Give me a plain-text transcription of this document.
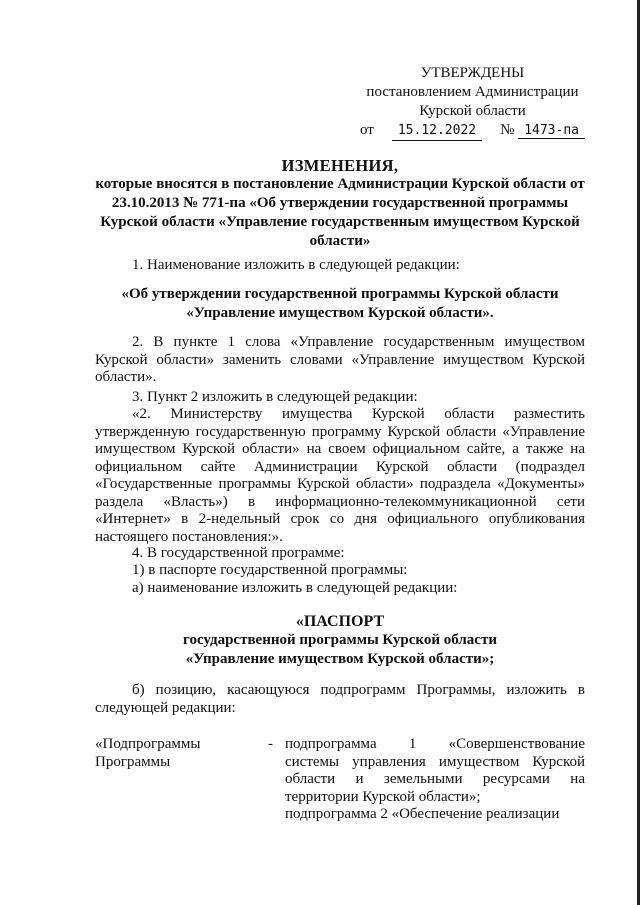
УТВЕРЖДЕНЫ
постановлением Администрации
Курской области
от	15.12.2022	№ 1473-па
ИЗМЕНЕНИЯ,
которые вносятся в постановление Администрации Курской области от 23.10.2013 № 771-па «Об утверждении государственной программы Курской области «Управление государственным имуществом Курской области»
1. Наименование изложить в следующей редакции:
«Об утверждении государственной программы Курской области «Управление имуществом Курской области».
2. В пункте 1 слова «Управление государственным имуществом Курской области» заменить словами «Управление имуществом Курской области».
3. Пункт 2 изложить в следующей редакции:
«2. Министерству имущества Курской области разместить утвержденную государственную программу Курской области «Управление имуществом Курской области» на своем официальном сайте, а также на официальном сайте Администрации Курской области (подраздел «Государственные программы Курской области» подраздела «Документы» раздела «Власть») в информационно-телекоммуникационной сети «Интернет» в 2-недельный срок со дня официального опубликования настоящего постановления:».
4. В государственной программе:
1) в паспорте государственной программы:
а) наименование изложить в следующей редакции:
«ПАСПОРТ
государственной программы Курской области
«Управление имуществом Курской области»;
б) позицию, касающуюся подпрограмм Программы, изложить в следующей редакции:
«Подпрограммы Программы
- подпрограмма 1 «Совершенствование системы управления имуществом Курской области и земельными ресурсами на территории Курской области»;
подпрограмма 2 «Обеспечение реализации
